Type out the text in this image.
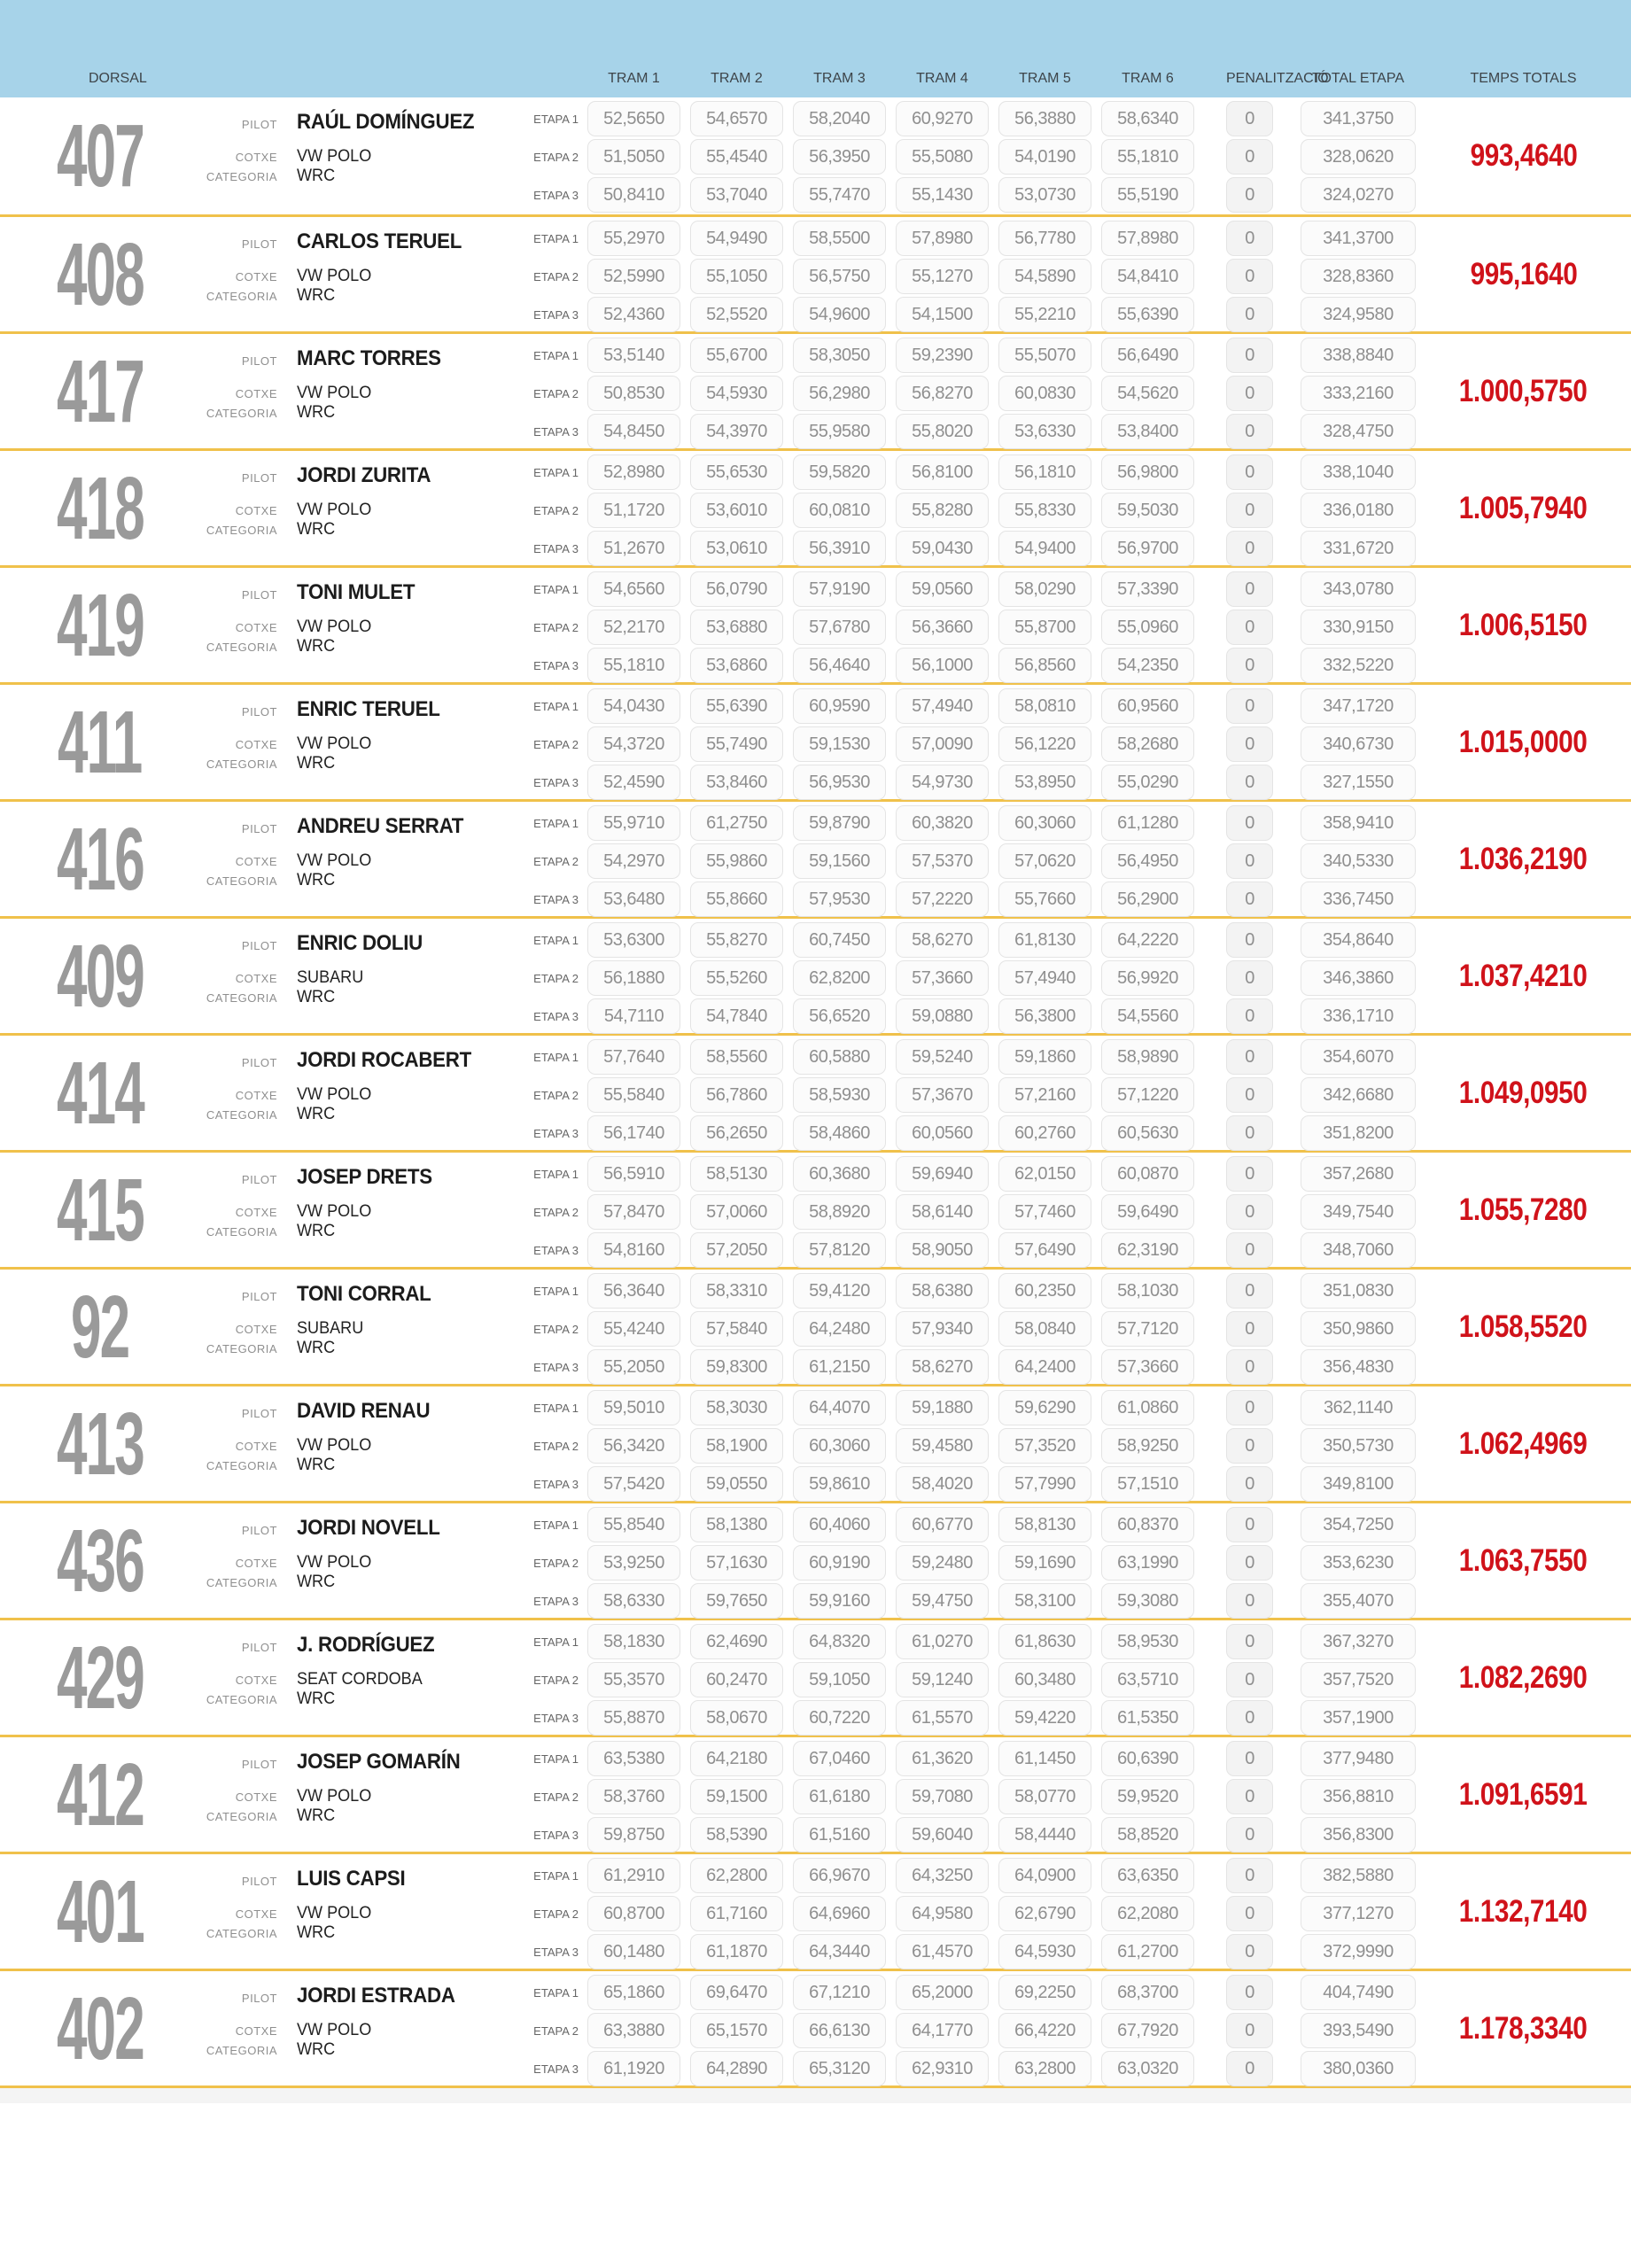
DORSAL	TRAM 1	TRAM 2	TRAM 3	TRAM 4	TRAM 5	TRAM 6	PENALITZACIÓ
TOTAL ETAPA	TEMPS TOTALS
407	PILOT RAÚL DOMÍNGUEZ
COTXE VW POLO
CATEGORIA WRC
ETAPA 1	52,5650	54,6570	58,2040	60,9270	56,3880	58,6340	0	341,3750
ETAPA 2	51,5050	55,4540	56,3950	55,5080	54,0190	55,1810	0	328,0620
ETAPA 3	50,8410	53,7040	55,7470	55,1430	53,0730	55,5190	0	324,0270
993,4640
408	PILOT CARLOS TERUEL
COTXE VW POLO
CATEGORIA WRC
ETAPA 1	55,2970	54,9490	58,5500	57,8980	56,7780	57,8980	0	341,3700
ETAPA 2	52,5990	55,1050	56,5750	55,1270	54,5890	54,8410	0	328,8360
ETAPA 3	52,4360	52,5520	54,9600	54,1500	55,2210	55,6390	0	324,9580
995,1640
417	PILOT MARC TORRES
COTXE VW POLO
CATEGORIA WRC
ETAPA 1	53,5140	55,6700	58,3050	59,2390	55,5070	56,6490	0	338,8840
ETAPA 2	50,8530	54,5930	56,2980	56,8270	60,0830	54,5620	0	333,2160
ETAPA 3	54,8450	54,3970	55,9580	55,8020	53,6330	53,8400	0	328,4750
1.000,5750
418	PILOT JORDI ZURITA
COTXE VW POLO
CATEGORIA WRC
ETAPA 1	52,8980	55,6530	59,5820	56,8100	56,1810	56,9800	0	338,1040
ETAPA 2	51,1720	53,6010	60,0810	55,8280	55,8330	59,5030	0	336,0180
ETAPA 3	51,2670	53,0610	56,3910	59,0430	54,9400	56,9700	0	331,6720
1.005,7940
419	PILOT TONI MULET
COTXE VW POLO
CATEGORIA WRC
ETAPA 1	54,6560	56,0790	57,9190	59,0560	58,0290	57,3390	0	343,0780
ETAPA 2	52,2170	53,6880	57,6780	56,3660	55,8700	55,0960	0	330,9150
ETAPA 3	55,1810	53,6860	56,4640	56,1000	56,8560	54,2350	0	332,5220
1.006,5150
411	PILOT ENRIC TERUEL
COTXE VW POLO
CATEGORIA WRC
ETAPA 1	54,0430	55,6390	60,9590	57,4940	58,0810	60,9560	0	347,1720
ETAPA 2	54,3720	55,7490	59,1530	57,0090	56,1220	58,2680	0	340,6730
ETAPA 3	52,4590	53,8460	56,9530	54,9730	53,8950	55,0290	0	327,1550
1.015,0000
416	PILOT ANDREU SERRAT
COTXE VW POLO
CATEGORIA WRC
ETAPA 1	55,9710	61,2750	59,8790	60,3820	60,3060	61,1280	0	358,9410
ETAPA 2	54,2970	55,9860	59,1560	57,5370	57,0620	56,4950	0	340,5330
ETAPA 3	53,6480	55,8660	57,9530	57,2220	55,7660	56,2900	0	336,7450
1.036,2190
409	PILOT ENRIC DOLIU
COTXE SUBARU
CATEGORIA WRC
ETAPA 1	53,6300	55,8270	60,7450	58,6270	61,8130	64,2220	0	354,8640
ETAPA 2	56,1880	55,5260	62,8200	57,3660	57,4940	56,9920	0	346,3860
ETAPA 3	54,7110	54,7840	56,6520	59,0880	56,3800	54,5560	0	336,1710
1.037,4210
414	PILOT JORDI ROCABERT
COTXE VW POLO
CATEGORIA WRC
ETAPA 1	57,7640	58,5560	60,5880	59,5240	59,1860	58,9890	0	354,6070
ETAPA 2	55,5840	56,7860	58,5930	57,3670	57,2160	57,1220	0	342,6680
ETAPA 3	56,1740	56,2650	58,4860	60,0560	60,2760	60,5630	0	351,8200
1.049,0950
415	PILOT JOSEP DRETS
COTXE VW POLO
CATEGORIA WRC
ETAPA 1	56,5910	58,5130	60,3680	59,6940	62,0150	60,0870	0	357,2680
ETAPA 2	57,8470	57,0060	58,8920	58,6140	57,7460	59,6490	0	349,7540
ETAPA 3	54,8160	57,2050	57,8120	58,9050	57,6490	62,3190	0	348,7060
1.055,7280
92	PILOT TONI CORRAL
COTXE SUBARU
CATEGORIA WRC
ETAPA 1	56,3640	58,3310	59,4120	58,6380	60,2350	58,1030	0	351,0830
ETAPA 2	55,4240	57,5840	64,2480	57,9340	58,0840	57,7120	0	350,9860
ETAPA 3	55,2050	59,8300	61,2150	58,6270	64,2400	57,3660	0	356,4830
1.058,5520
413	PILOT DAVID RENAU
COTXE VW POLO
CATEGORIA WRC
ETAPA 1	59,5010	58,3030	64,4070	59,1880	59,6290	61,0860	0	362,1140
ETAPA 2	56,3420	58,1900	60,3060	59,4580	57,3520	58,9250	0	350,5730
ETAPA 3	57,5420	59,0550	59,8610	58,4020	57,7990	57,1510	0	349,8100
1.062,4969
436	PILOT JORDI NOVELL
COTXE VW POLO
CATEGORIA WRC
ETAPA 1	55,8540	58,1380	60,4060	60,6770	58,8130	60,8370	0	354,7250
ETAPA 2	53,9250	57,1630	60,9190	59,2480	59,1690	63,1990	0	353,6230
ETAPA 3	58,6330	59,7650	59,9160	59,4750	58,3100	59,3080	0	355,4070
1.063,7550
429	PILOT J. RODRÍGUEZ
COTXE SEAT CORDOBA
CATEGORIA WRC
ETAPA 1	58,1830	62,4690	64,8320	61,0270	61,8630	58,9530	0	367,3270
ETAPA 2	55,3570	60,2470	59,1050	59,1240	60,3480	63,5710	0	357,7520
ETAPA 3	55,8870	58,0670	60,7220	61,5570	59,4220	61,5350	0	357,1900
1.082,2690
412	PILOT JOSEP GOMARÍN
COTXE VW POLO
CATEGORIA WRC
ETAPA 1	63,5380	64,2180	67,0460	61,3620	61,1450	60,6390	0	377,9480
ETAPA 2	58,3760	59,1500	61,6180	59,7080	58,0770	59,9520	0	356,8810
ETAPA 3	59,8750	58,5390	61,5160	59,6040	58,4440	58,8520	0	356,8300
1.091,6591
401	PILOT LUIS CAPSI
COTXE VW POLO
CATEGORIA WRC
ETAPA 1	61,2910	62,2800	66,9670	64,3250	64,0900	63,6350	0	382,5880
ETAPA 2	60,8700	61,7160	64,6960	64,9580	62,6790	62,2080	0	377,1270
ETAPA 3	60,1480	61,1870	64,3440	61,4570	64,5930	61,2700	0	372,9990
1.132,7140
402	PILOT JORDI ESTRADA
COTXE VW POLO
CATEGORIA WRC
ETAPA 1	65,1860	69,6470	67,1210	65,2000	69,2250	68,3700	0	404,7490
ETAPA 2	63,3880	65,1570	66,6130	64,1770	66,4220	67,7920	0	393,5490
ETAPA 3	61,1920	64,2890	65,3120	62,9310	63,2800	63,0320	0	380,0360
1.178,3340
